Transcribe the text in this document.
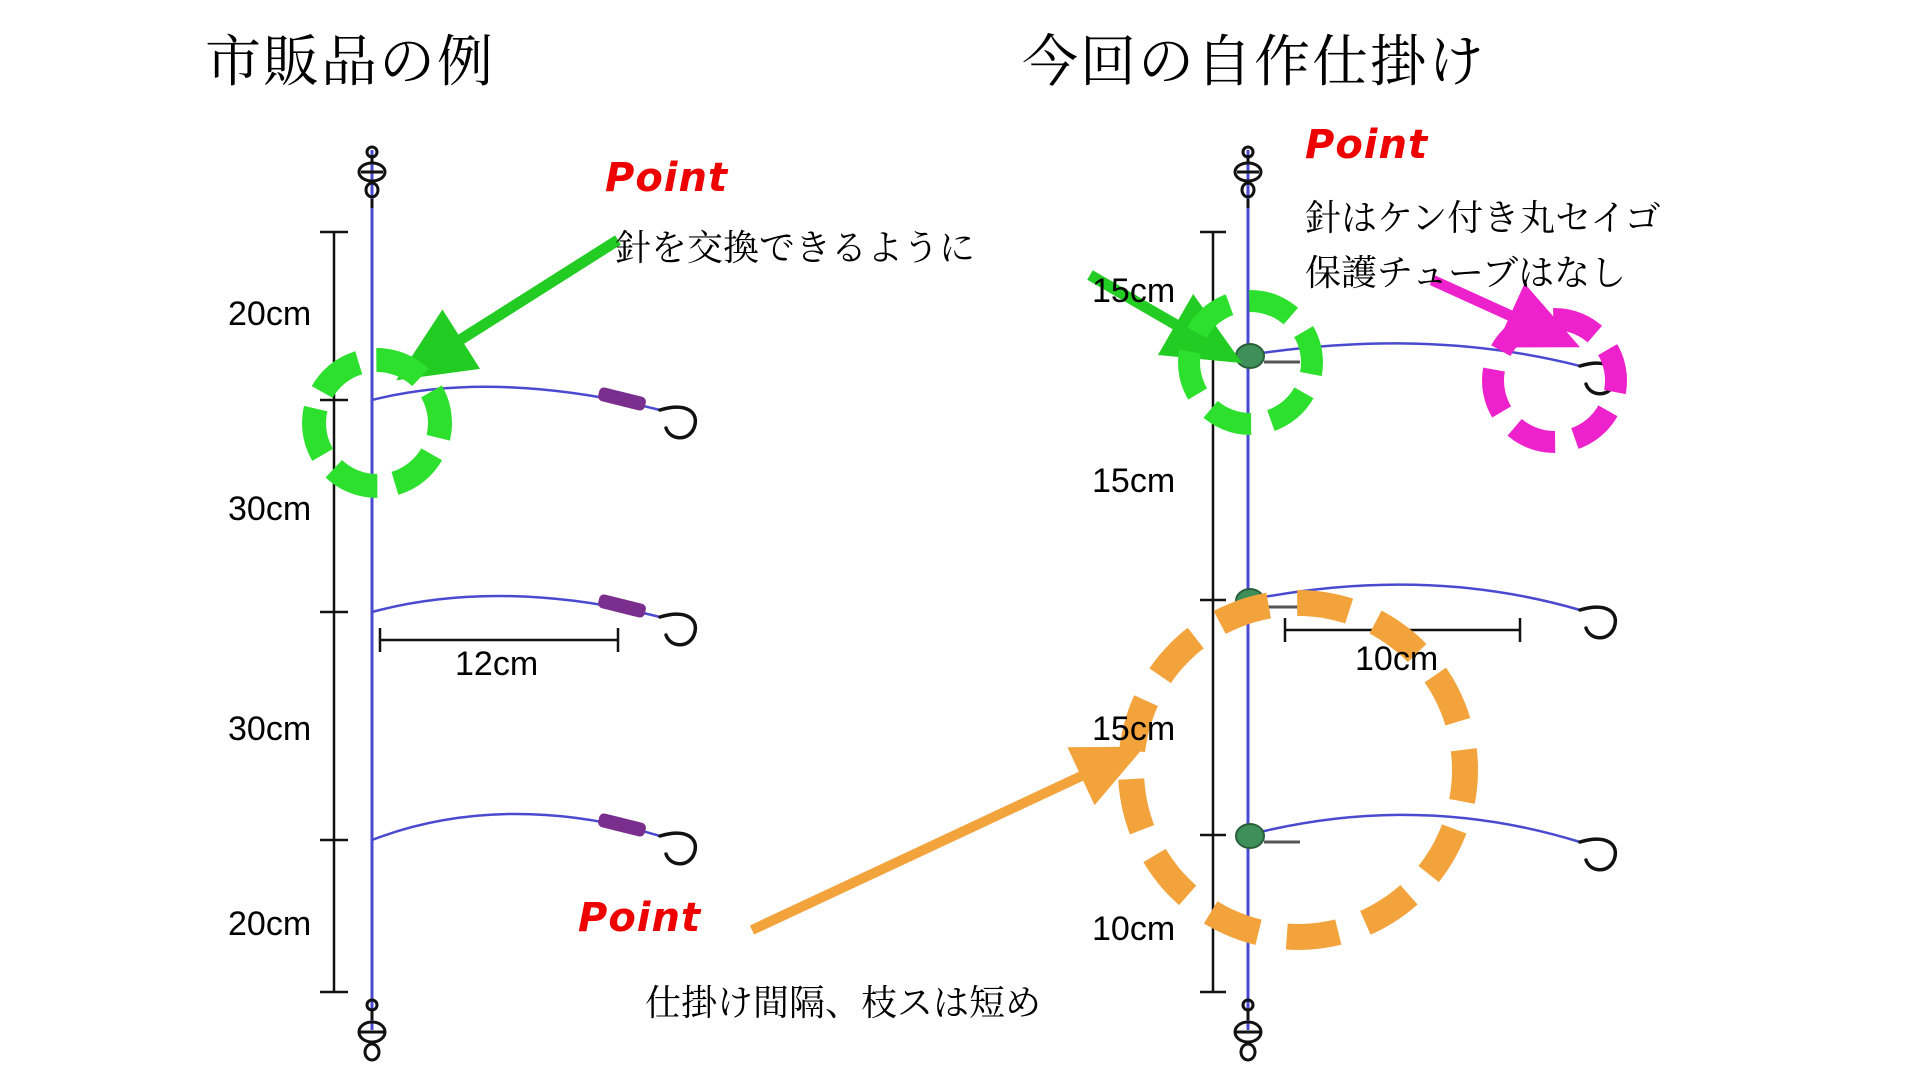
市販品の例	今回の自作仕掛け
20cm
30cm
30cm
20cm
12cm
15cm
15cm
15cm
10cm
10cm
Point
針を交換できるように
Point
針はケン付き丸セイゴ
保護チューブはなし
Point
仕掛け間隔、枝スは短め
